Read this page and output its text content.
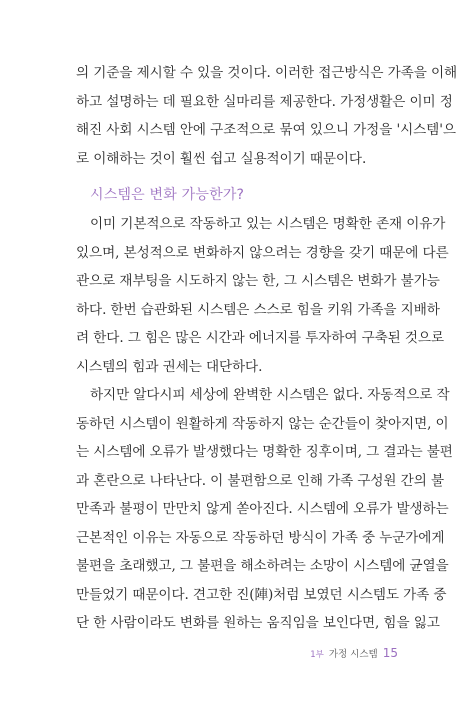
의 기준을 제시할 수 있을 것이다. 이러한 접근방식은 가족을 이해
하고 설명하는 데 필요한 실마리를 제공한다. 가정생활은 이미 정
해진 사회 시스템 안에 구조적으로 묶여 있으니 가정을 '시스템'으
로 이해하는 것이 훨씬 쉽고 실용적이기 때문이다.
시스템은 변화 가능한가?
이미 기본적으로 작동하고 있는 시스템은 명확한 존재 이유가
있으며, 본성적으로 변화하지 않으려는 경향을 갖기 때문에 다른
관으로 재부팅을 시도하지 않는 한, 그 시스템은 변화가 불가능
하다. 한번 습관화된 시스템은 스스로 힘을 키워 가족을 지배하
려 한다. 그 힘은 많은 시간과 에너지를 투자하여 구축된 것으로
시스템의 힘과 권세는 대단하다.
하지만 알다시피 세상에 완벽한 시스템은 없다. 자동적으로 작
동하던 시스템이 원활하게 작동하지 않는 순간들이 찾아지면, 이
는 시스템에 오류가 발생했다는 명확한 징후이며, 그 결과는 불편
과 혼란으로 나타난다. 이 불편함으로 인해 가족 구성원 간의 불
만족과 불평이 만만치 않게 쏟아진다. 시스템에 오류가 발생하는
근본적인 이유는 자동으로 작동하던 방식이 가족 중 누군가에게
불편을 초래했고, 그 불편을 해소하려는 소망이 시스템에 균열을
만들었기 때문이다. 견고한 진(陣)처럼 보였던 시스템도 가족 중
단 한 사람이라도 변화를 원하는 움직임을 보인다면, 힘을 잃고
1부 가정 시스템 15
